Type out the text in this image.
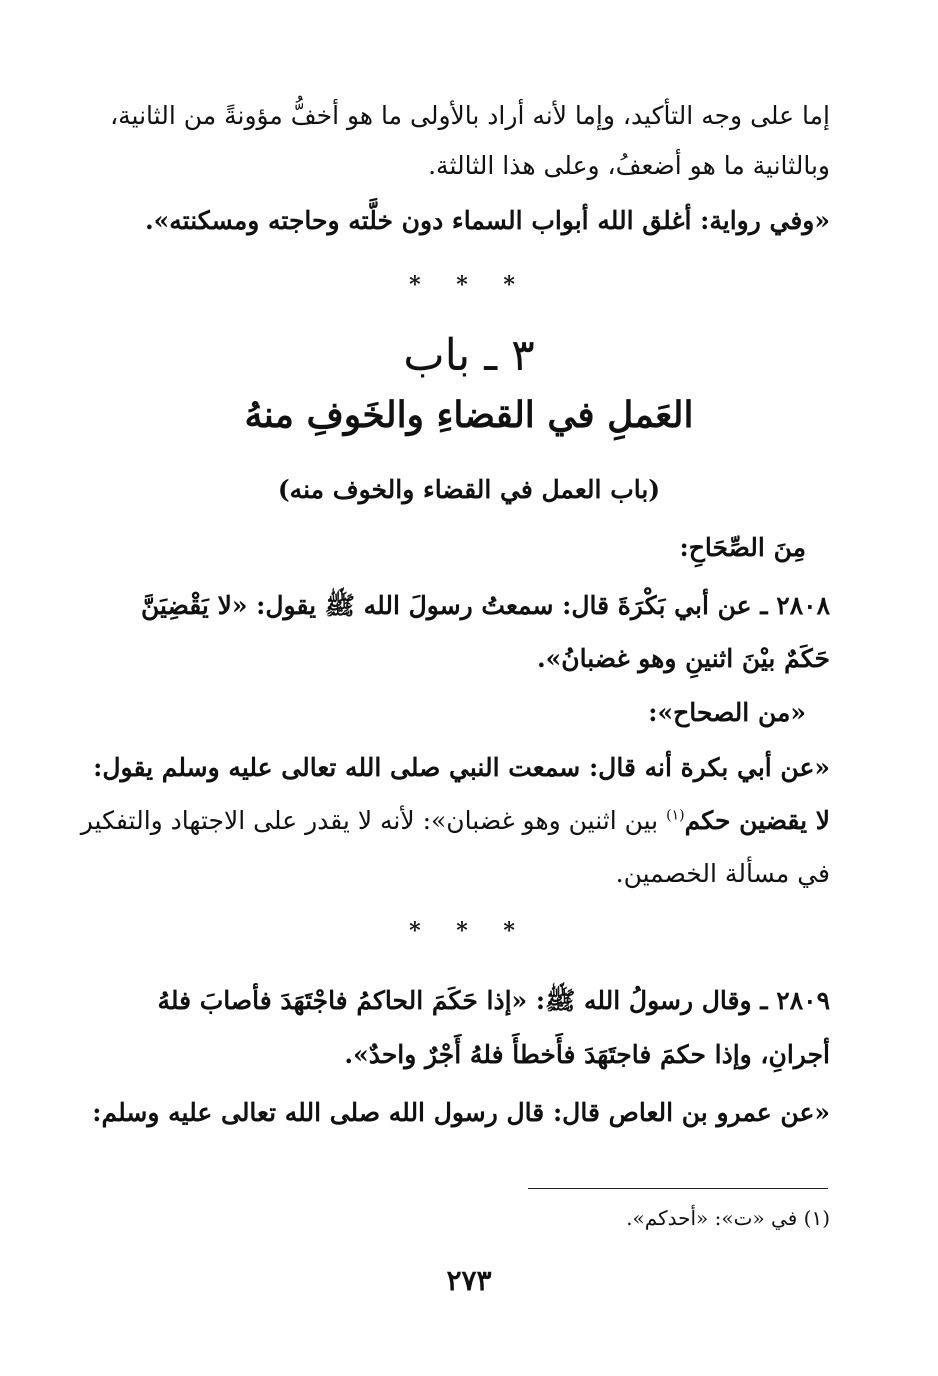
إما على وجه التأكيد، وإما لأنه أراد بالأولى ما هو أخفُّ مؤونةً من الثانية،
وبالثانية ما هو أضعفُ، وعلى هذا الثالثة.
«وفي رواية: أغلق الله أبواب السماء دون خلَّته وحاجته ومسكنته».
* * *
٣ ـ باب
العَملِ في القضاءِ والخَوفِ منهُ
(باب العمل في القضاء والخوف منه)
مِنَ الصِّحَاحِ:
٢٨٠٨ ـ عن أبي بَكْرَةَ قال: سمعتُ رسولَ الله ﷺ يقول: «لا يَقْضِيَنَّ
حَكَمٌ بيْنَ اثنينِ وهو غضبانُ».
«من الصحاح»:
«عن أبي بكرة أنه قال: سمعت النبي صلى الله تعالى عليه وسلم يقول:
لا يقضين حكم$^{(١)}$ بين اثنين وهو غضبان»: لأنه لا يقدر على الاجتهاد والتفكير
في مسألة الخصمين.
* * *
٢٨٠٩ ـ وقال رسولُ الله ﷺ: «إذا حَكَمَ الحاكمُ فاجْتَهَدَ فأصابَ فلهُ
أجرانِ، وإذا حكمَ فاجتَهَدَ فأَخطأَ فلهُ أَجْرٌ واحدٌ».
«عن عمرو بن العاص قال: قال رسول الله صلى الله تعالى عليه وسلم:
(١) في «ت»: «أحدكم».
٢٧٣
